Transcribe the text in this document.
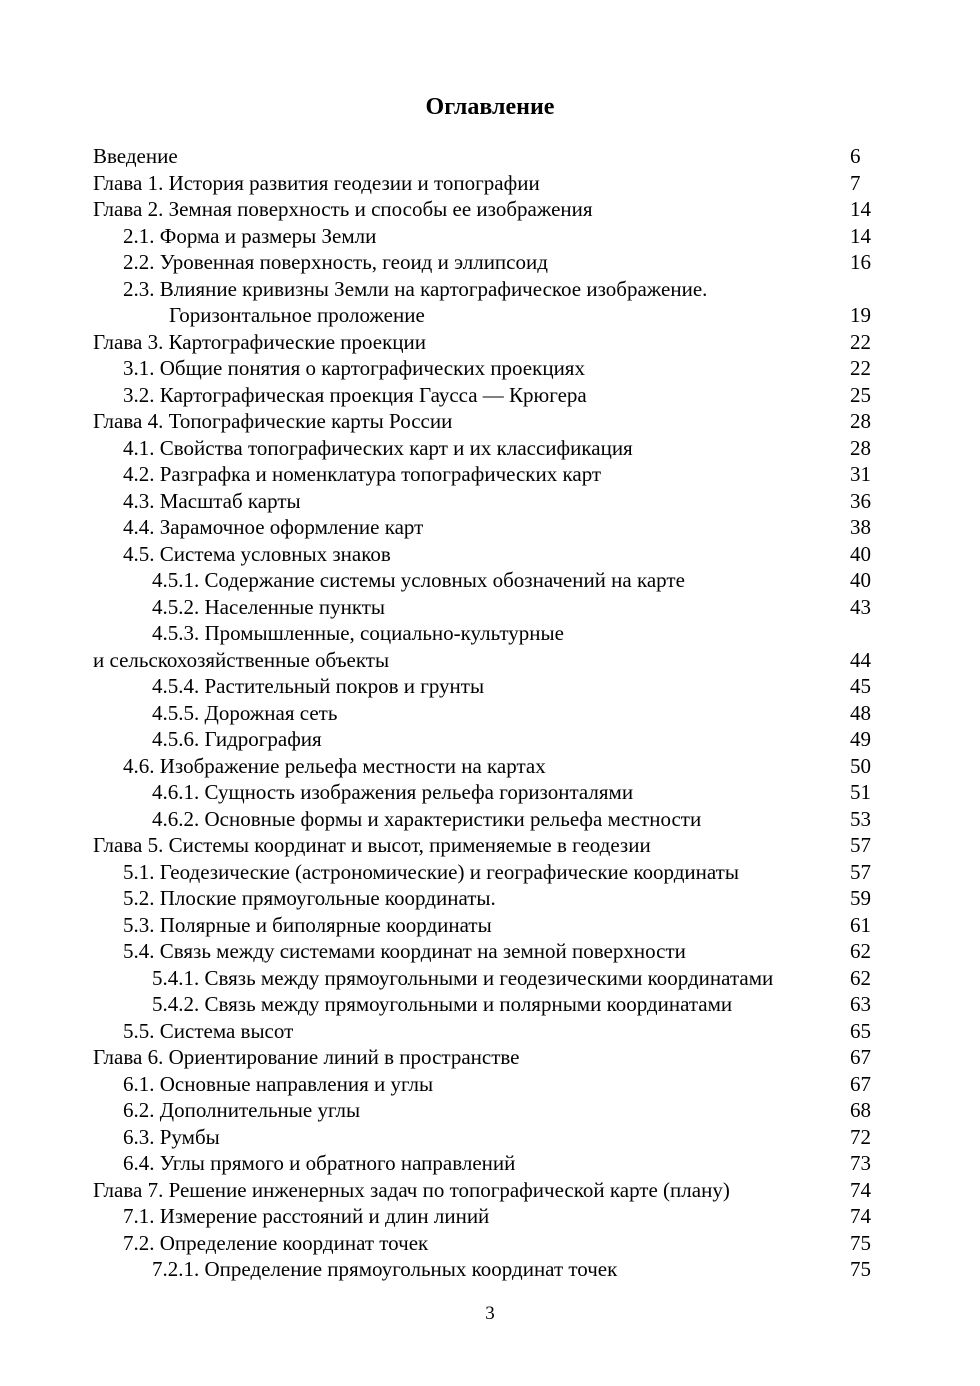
Оглавление
Введение	6
Глава 1. История развития геодезии и топографии	7
Глава 2. Земная поверхность и способы ее изображения	14
2.1. Форма и размеры Земли	14
2.2. Уровенная поверхность, геоид и эллипсоид	16
2.3. Влияние кривизны Земли на картографическое изображение.
Горизонтальное проложение	19
Глава 3. Картографические проекции	22
3.1. Общие понятия о картографических проекциях	22
3.2. Картографическая проекция Гаусса — Крюгера	25
Глава 4. Топографические карты России	28
4.1. Свойства топографических карт и их классификация	28
4.2. Разграфка и номенклатура топографических карт	31
4.3. Масштаб карты	36
4.4. Зарамочное оформление карт	38
4.5. Система условных знаков	40
4.5.1. Содержание системы условных обозначений на карте	40
4.5.2. Населенные пункты	43
4.5.3. Промышленные, социально-культурные
и сельскохозяйственные объекты	44
4.5.4. Растительный покров и грунты	45
4.5.5. Дорожная сеть	48
4.5.6. Гидрография	49
4.6. Изображение рельефа местности на картах	50
4.6.1. Сущность изображения рельефа горизонталями	51
4.6.2. Основные формы и характеристики рельефа местности	53
Глава 5. Системы координат и высот, применяемые в геодезии	57
5.1. Геодезические (астрономические) и географические координаты	57
5.2. Плоские прямоугольные координаты.	59
5.3. Полярные и биполярные координаты	61
5.4. Связь между системами координат на земной поверхности	62
5.4.1. Связь между прямоугольными и геодезическими координатами	62
5.4.2. Связь между прямоугольными и полярными координатами	63
5.5. Система высот	65
Глава 6. Ориентирование линий в пространстве	67
6.1. Основные направления и углы	67
6.2. Дополнительные углы	68
6.3. Румбы	72
6.4. Углы прямого и обратного направлений	73
Глава 7. Решение инженерных задач по топографической карте (плану)	74
7.1. Измерение расстояний и длин линий	74
7.2. Определение координат точек	75
7.2.1. Определение прямоугольных координат точек	75
3
